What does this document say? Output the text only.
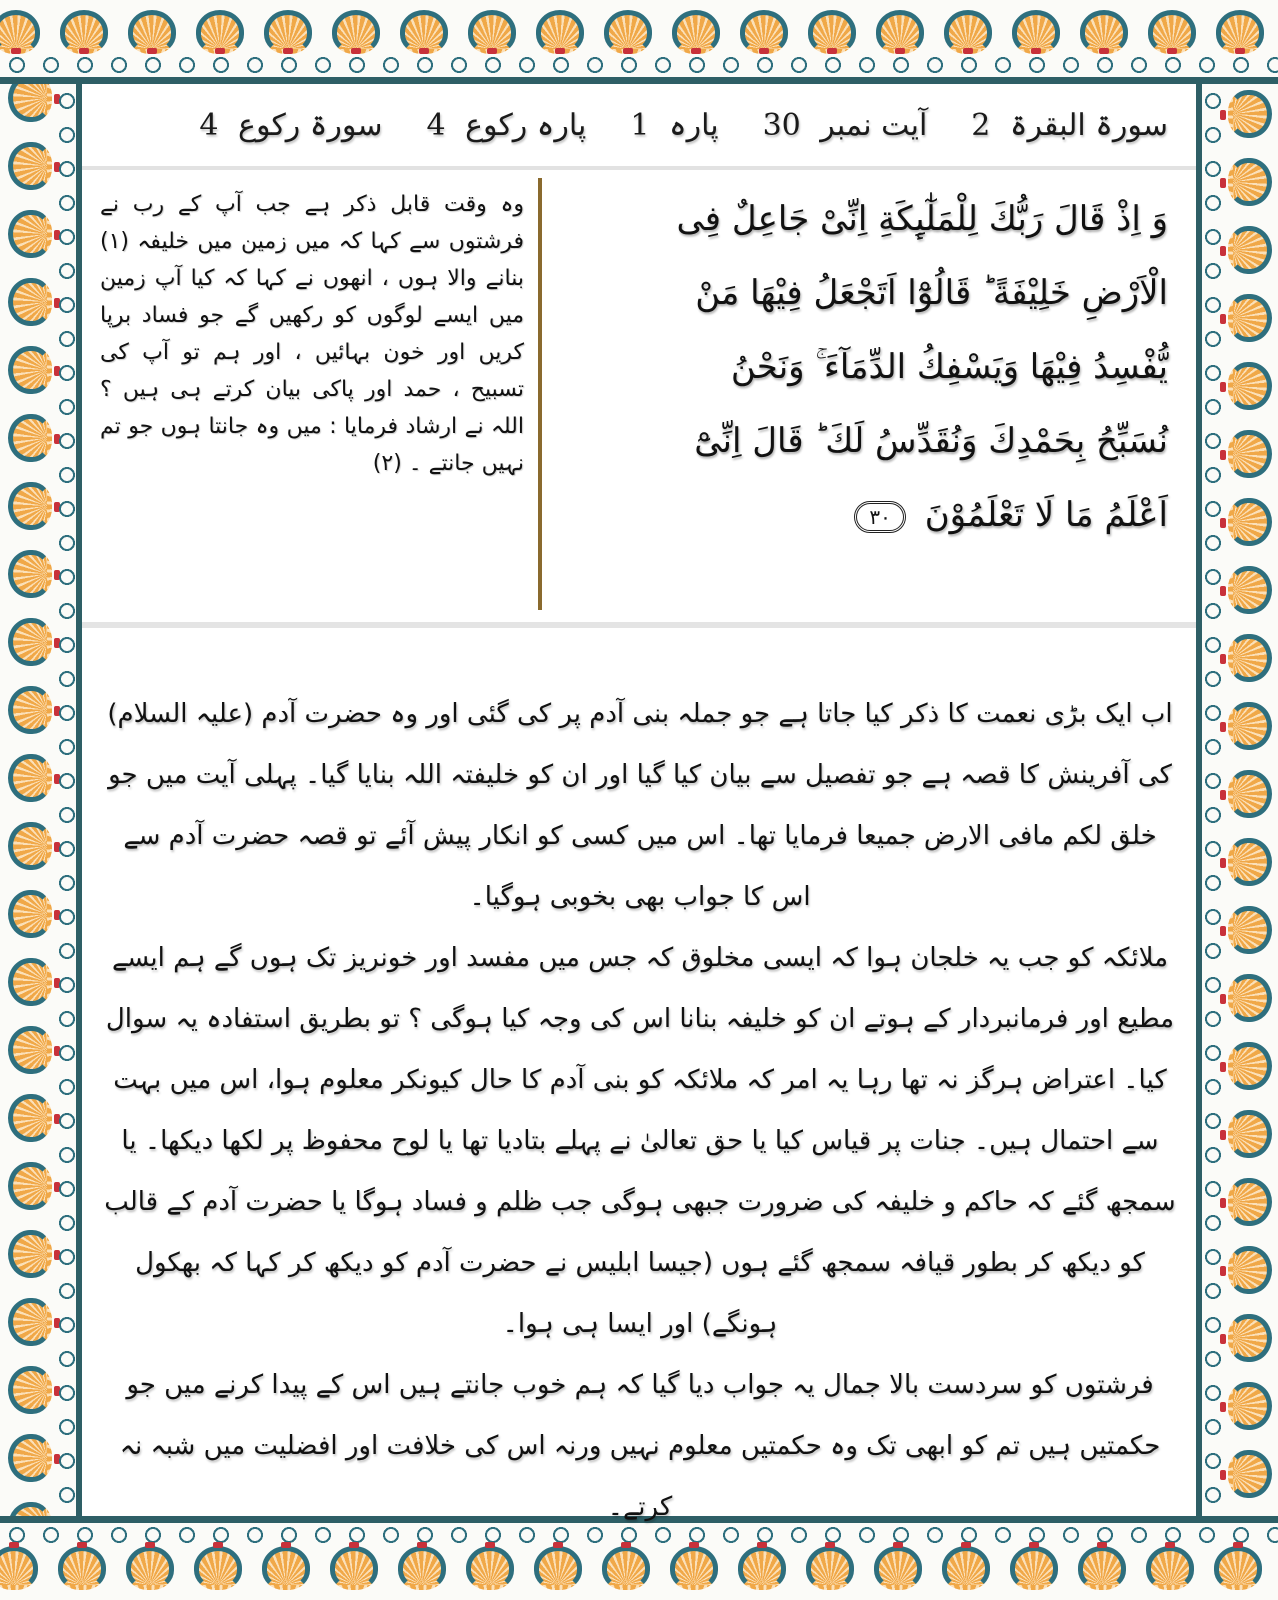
سورۃ البقرۃ 2
آیت نمبر 30
پارہ 1
پارہ رکوع 4
سورۃ رکوع 4
وَ اِذْ قَالَ رَبُّكَ لِلْمَلٰٓىِٕكَةِ اِنِّىْ جَاعِلٌ فِى
الْاَرْضِ خَلِيْفَةً ؕ قَالُوْٓا اَتَجْعَلُ فِيْهَا مَنْ
يُّفْسِدُ فِيْهَا وَيَسْفِكُ الدِّمَآءَ ۚ وَنَحْنُ
نُسَبِّحُ بِحَمْدِكَ وَنُقَدِّسُ لَكَ ؕ قَالَ اِنِّىْٓ
اَعْلَمُ مَا لَا تَعْلَمُوْنَ ٣٠
وہ وقت قابل ذکر ہے جب آپ کے رب نے فرشتوں سے کہا کہ میں زمین میں خلیفہ (۱) بنانے والا ہوں ، انھوں نے کہا کہ کیا آپ زمین میں ایسے لوگوں کو رکھیں گے جو فساد برپا کریں اور خون بہائیں ، اور ہم تو آپ کی تسبیح ، حمد اور پاکی بیان کرتے ہی ہیں ؟ اللہ نے ارشاد فرمایا : میں وہ جانتا ہوں جو تم نہیں جانتے ۔ (۲)

اب ایک بڑی نعمت کا ذکر کیا جاتا ہے جو جملہ بنی آدم پر کی گئی اور وہ حضرت آدم (علیہ السلام) کی آفرینش کا قصہ ہے جو تفصیل سے بیان کیا گیا اور ان کو خلیفتہ اللہ بنایا گیا۔ پہلی آیت میں جو خلق لکم مافی الارض جمیعا فرمایا تھا۔ اس میں کسی کو انکار پیش آئے تو قصہ حضرت آدم سے اس کا جواب بھی بخوبی ہوگیا۔

ملائکہ کو جب یہ خلجان ہوا کہ ایسی مخلوق کہ جس میں مفسد اور خونریز تک ہوں گے ہم ایسے مطیع اور فرمانبردار کے ہوتے ان کو خلیفہ بنانا اس کی وجہ کیا ہوگی ؟ تو بطریق استفادہ یہ سوال کیا۔ اعتراض ہرگز نہ تھا رہا یہ امر کہ ملائکہ کو بنی آدم کا حال کیونکر معلوم ہوا، اس میں بہت سے احتمال ہیں۔ جنات پر قیاس کیا یا حق تعالیٰ نے پہلے بتادیا تھا یا لوح محفوظ پر لکھا دیکھا۔ یا سمجھ گئے کہ حاکم و خلیفہ کی ضرورت جبھی ہوگی جب ظلم و فساد ہوگا یا حضرت آدم کے قالب کو دیکھ کر بطور قیافہ سمجھ گئے ہوں (جیسا ابلیس نے حضرت آدم کو دیکھ کر کہا کہ بھکول ہونگے) اور ایسا ہی ہوا۔

فرشتوں کو سردست بالا جمال یہ جواب دیا گیا کہ ہم خوب جانتے ہیں اس کے پیدا کرنے میں جو حکمتیں ہیں تم کو ابھی تک وہ حکمتیں معلوم نہیں ورنہ اس کی خلافت اور افضلیت میں شبہ نہ کرتے۔
